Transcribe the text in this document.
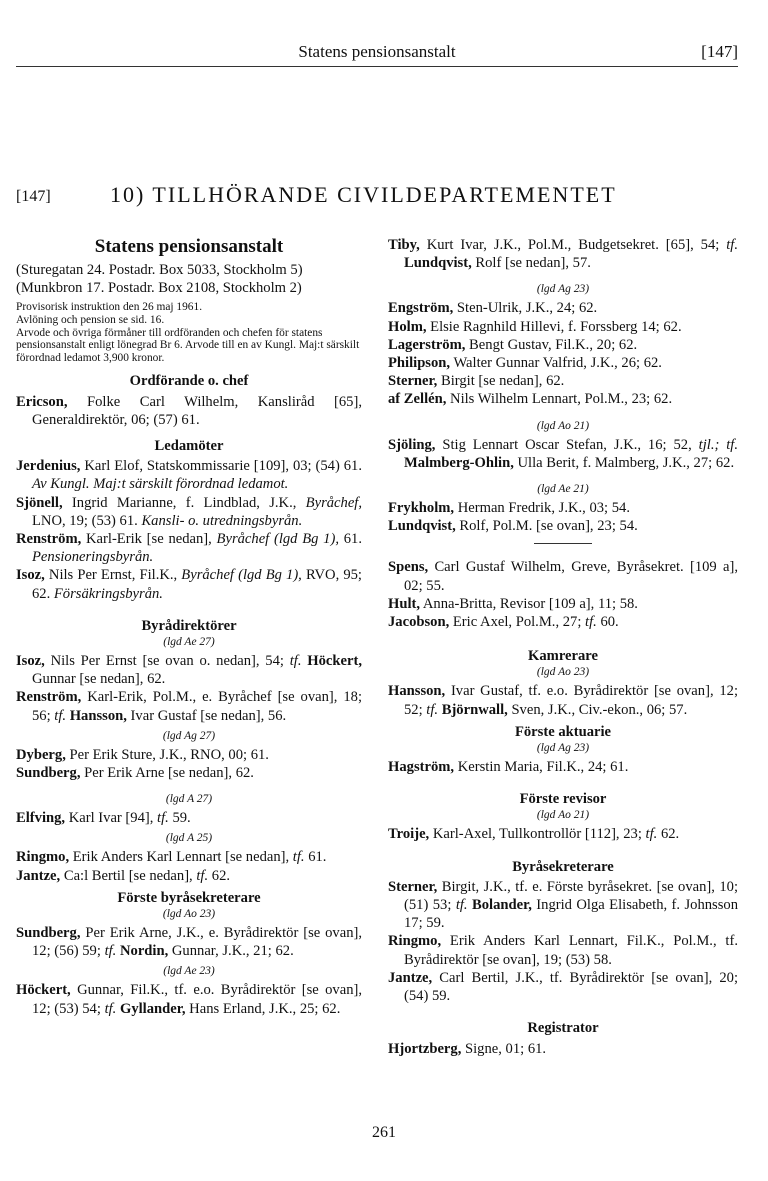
Statens pensionsanstalt	[147]
[147]	10) TILLHÖRANDE CIVILDEPARTEMENTET
Statens pensionsanstalt

(Sturegatan 24. Postadr. Box 5033, Stockholm 5)

(Munkbron 17. Postadr. Box 2108, Stockholm 2)

Provisorisk instruktion den 26 maj 1961.
Avlöning och pension se sid. 16.
Arvode och övriga förmåner till ordföranden och chefen för statens pensionsanstalt enligt lönegrad Br 6. Arvode till en av Kungl. Maj:t särskilt förordnad ledamot 3,900 kronor.
Ordförande o. chef

Ericson, Folke Carl Wilhelm, Kansliråd [65], Generaldirektör, 06; (57) 61.

Ledamöter

Jerdenius, Karl Elof, Statskommissarie [109], 03; (54) 61. Av Kungl. Maj:t särskilt förordnad ledamot.

Sjönell, Ingrid Marianne, f. Lindblad, J.K., Byråchef, LNO, 19; (53) 61. Kansli- o. utredningsbyrån.

Renström, Karl-Erik [se nedan], Byråchef (lgd Bg 1), 61. Pensioneringsbyrån.

Isoz, Nils Per Ernst, Fil.K., Byråchef (lgd Bg 1), RVO, 95; 62. Försäkringsbyrån.

Byrådirektörer
(lgd Ae 27)

Isoz, Nils Per Ernst [se ovan o. nedan], 54; tf. Höckert, Gunnar [se nedan], 62.

Renström, Karl-Erik, Pol.M., e. Byråchef [se ovan], 18; 56; tf. Hansson, Ivar Gustaf [se nedan], 56.

(lgd Ag 27)

Dyberg, Per Erik Sture, J.K., RNO, 00; 61.

Sundberg, Per Erik Arne [se nedan], 62.

(lgd A 27)

Elfving, Karl Ivar [94], tf. 59.

(lgd A 25)

Ringmo, Erik Anders Karl Lennart [se nedan], tf. 61.

Jantze, Ca:l Bertil [se nedan], tf. 62.

Förste byråsekreterare
(lgd Ao 23)

Sundberg, Per Erik Arne, J.K., e. Byrådirektör [se ovan], 12; (56) 59; tf. Nordin, Gunnar, J.K., 21; 62.

(lgd Ae 23)

Höckert, Gunnar, Fil.K., tf. e.o. Byrådirektör [se ovan], 12; (53) 54; tf. Gyllander, Hans Erland, J.K., 25; 62.

Tiby, Kurt Ivar, J.K., Pol.M., Budgetsekret. [65], 54; tf. Lundqvist, Rolf [se nedan], 57.

(lgd Ag 23)

Engström, Sten-Ulrik, J.K., 24; 62.

Holm, Elsie Ragnhild Hillevi, f. Forssberg 14; 62.

Lagerström, Bengt Gustav, Fil.K., 20; 62.

Philipson, Walter Gunnar Valfrid, J.K., 26; 62.

Sterner, Birgit [se nedan], 62.

af Zellén, Nils Wilhelm Lennart, Pol.M., 23; 62.

(lgd Ao 21)

Sjöling, Stig Lennart Oscar Stefan, J.K., 16; 52, tjl.; tf. Malmberg-Ohlin, Ulla Berit, f. Malmberg, J.K., 27; 62.

(lgd Ae 21)

Frykholm, Herman Fredrik, J.K., 03; 54.

Lundqvist, Rolf, Pol.M. [se ovan], 23; 54.

Spens, Carl Gustaf Wilhelm, Greve, Byråsekret. [109 a], 02; 55.

Hult, Anna-Britta, Revisor [109 a], 11; 58.

Jacobson, Eric Axel, Pol.M., 27; tf. 60.

Kamrerare
(lgd Ao 23)

Hansson, Ivar Gustaf, tf. e.o. Byrådirektör [se ovan], 12; 52; tf. Björnwall, Sven, J.K., Civ.-ekon., 06; 57.

Förste aktuarie
(lgd Ag 23)

Hagström, Kerstin Maria, Fil.K., 24; 61.

Förste revisor
(lgd Ao 21)

Troije, Karl-Axel, Tullkontrollör [112], 23; tf. 62.

Byråsekreterare

Sterner, Birgit, J.K., tf. e. Förste byråsekret. [se ovan], 10; (51) 53; tf. Bolander, Ingrid Olga Elisabeth, f. Johnsson 17; 59.

Ringmo, Erik Anders Karl Lennart, Fil.K., Pol.M., tf. Byrådirektör [se ovan], 19; (53) 58.

Jantze, Carl Bertil, J.K., tf. Byrådirektör [se ovan], 20; (54) 59.

Registrator

Hjortzberg, Signe, 01; 61.

261
